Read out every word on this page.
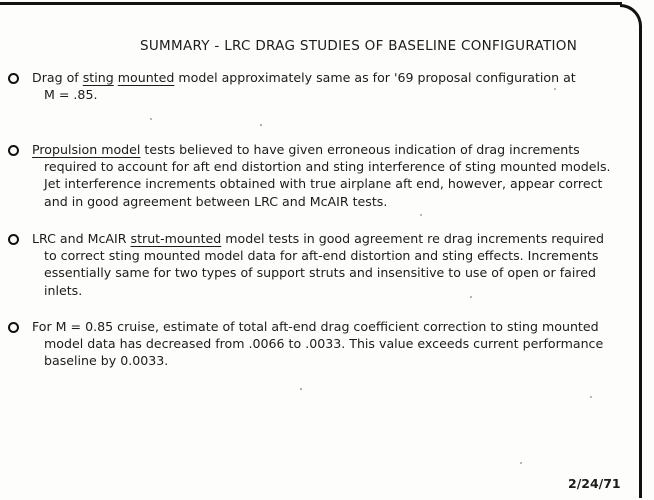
SUMMARY - LRC DRAG STUDIES OF BASELINE CONFIGURATION
Drag of sting mounted model approximately same as for '69 proposal configuration at
M = .85.
Propulsion model tests believed to have given erroneous indication of drag increments
required to account for aft end distortion and sting interference of sting mounted models.
Jet interference increments obtained with true airplane aft end, however, appear correct
and in good agreement between LRC and McAIR tests.
LRC and McAIR strut-mounted model tests in good agreement re drag increments required
to correct sting mounted model data for aft-end distortion and sting effects. Increments
essentially same for two types of support struts and insensitive to use of open or faired
inlets.
For M = 0.85 cruise, estimate of total aft-end drag coefficient correction to sting mounted
model data has decreased from .0066 to .0033. This value exceeds current performance
baseline by 0.0033.
2/24/71
